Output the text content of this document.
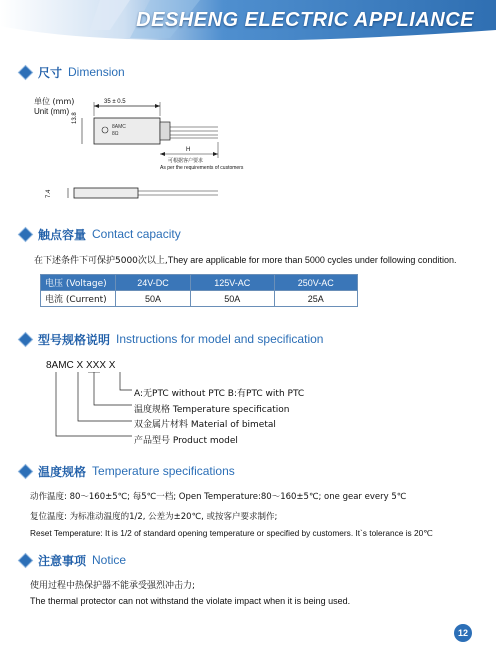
DESHENG ELECTRIC APPLIANCE
尺寸 Dimension
单位 (mm)
Unit (mm)
35 ± 0.5
13.8
8AMC
8Ω
H
可根据客户要求
As per the requirements of customers
7.4
触点容量 Contact capacity
在下述条件下可保护5000次以上,They are applicable for more than 5000 cycles under following condition.
电压 (Voltage)	24V-DC	125V-AC	250V-AC
电流 (Current)	50A	50A	25A
型号规格说明 Instructions for model and specification
8AMC X XXX X
A:无PTC without PTC B:有PTC with PTC
温度规格 Temperature specification
双金属片材料 Material of bimetal
产品型号 Product model
温度规格 Temperature specifications
动作温度: 80～160±5℃; 每5℃一档; Open Temperature:80～160±5℃; one gear every 5℃
复位温度: 为标准动温度的1/2, 公差为±20℃, 或按客户要求制作;
Reset Temperature: It is 1/2 of standard opening temperature or specified by customers. It`s tolerance is 20℃
注意事项 Notice
使用过程中热保护器不能承受强烈冲击力;
The thermal protector can not withstand the violate impact when it is being used.
12
